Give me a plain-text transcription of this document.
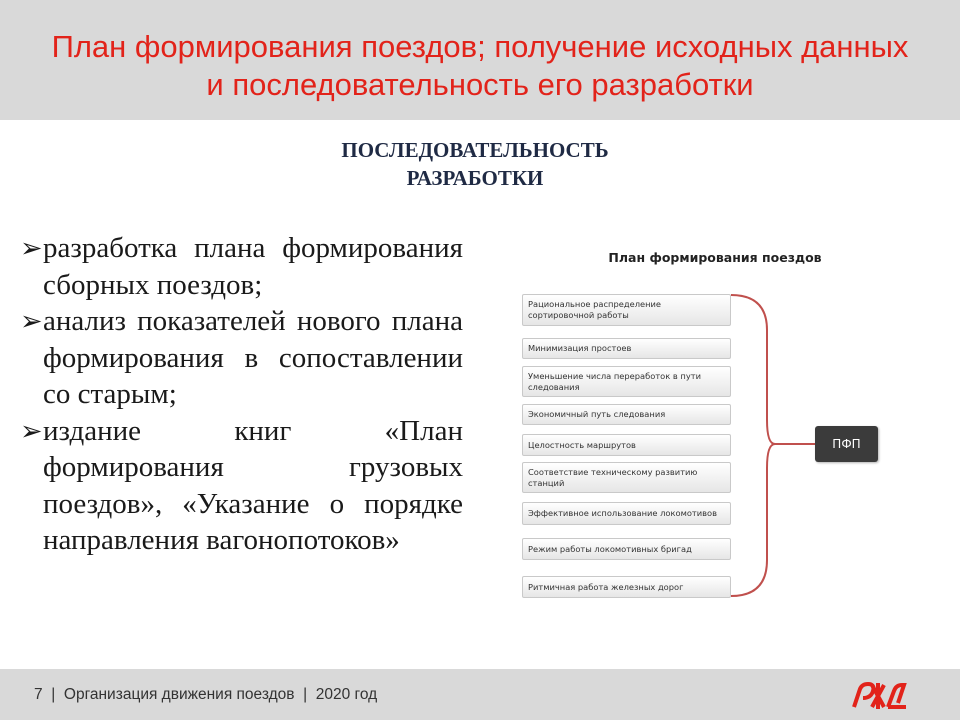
План формирования поездов; получение исходных данных и последовательность его разработки
ПОСЛЕДОВАТЕЛЬНОСТЬ РАЗРАБОТКИ

➢ разработка плана формирования сборных поездов;

➢ анализ показателей нового плана формирования в сопоставлении со старым;

➢ издание книг «План формирования грузовых поездов», «Указание о порядке направления вагонопотоков»

План формирования поездов
Рациональное распределение сортировочной работы
Минимизация простоев
Уменьшение числа переработок в пути следования
Экономичный путь следования
Целостность маршрутов
Соответствие техническому развитию станций
Эффективное использование локомотивов
Режим работы локомотивных бригад
Ритмичная работа железных дорог
ПФП
7  |  Организация движения поездов  |  2020 год
